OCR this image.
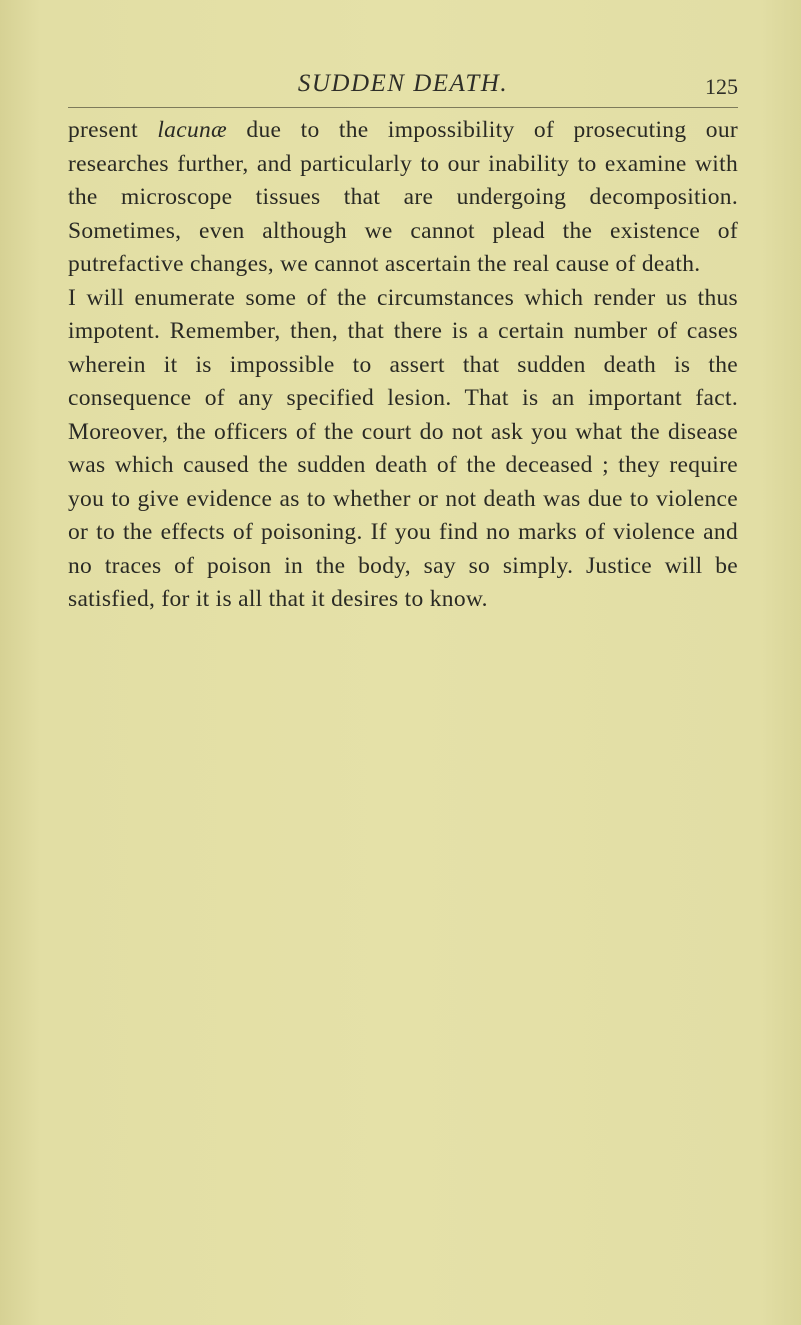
SUDDEN DEATH.	125

present lacunæ due to the impossibility of prosecuting our researches further, and particularly to our inability to examine with the microscope tissues that are undergoing decomposition. Sometimes, even although we cannot plead the existence of putrefactive changes, we cannot ascertain the real cause of death.

I will enumerate some of the circumstances which render us thus impotent. Remember, then, that there is a certain number of cases wherein it is impossible to assert that sudden death is the consequence of any specified lesion. That is an important fact. Moreover, the officers of the court do not ask you what the disease was which caused the sudden death of the deceased ; they require you to give evidence as to whether or not death was due to violence or to the effects of poisoning. If you find no marks of violence and no traces of poison in the body, say so simply. Justice will be satisfied, for it is all that it desires to know.
